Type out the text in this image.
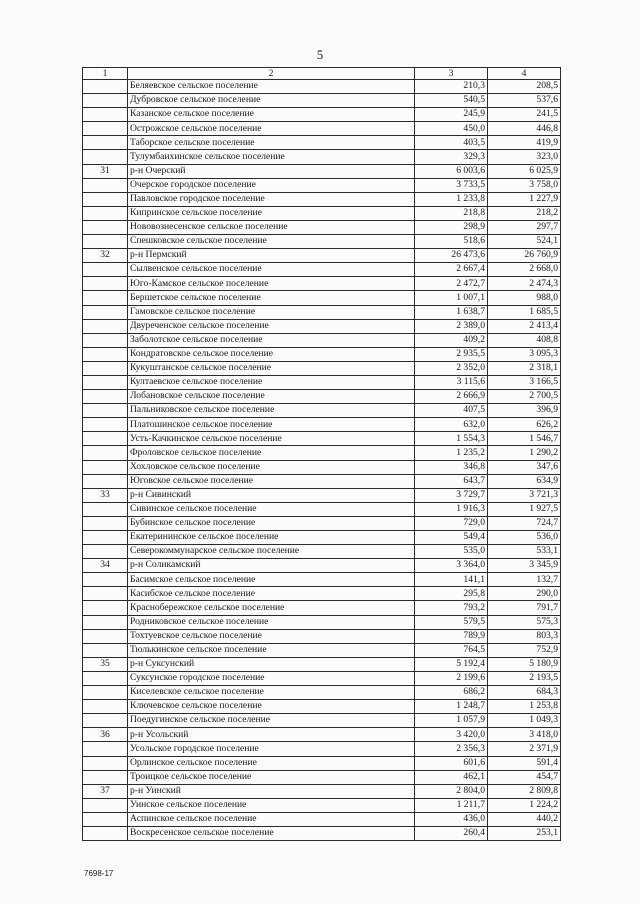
5
1	2	3	4
	Беляевское сельское поселение	210,3	208,5
	Дубровское сельское поселение	540,5	537,6
	Казанское сельское поселение	245,9	241,5
	Острожское сельское поселение	450,0	446,8
	Таборское сельское поселение	403,5	419,9
	Тулумбаихинское сельское поселение	329,3	323,0
31	р-н Очерский	6 003,6	6 025,9
	Очерское городское поселение	3 733,5	3 758,0
	Павловское городское поселение	1 233,8	1 227,9
	Кипринское сельское поселение	218,8	218,2
	Нововознесенское сельское поселение	298,9	297,7
	Спешковское сельское поселение	518,6	524,1
32	р-н Пермский	26 473,6	26 760,9
	Сылвенское сельское поселение	2 667,4	2 668,0
	Юго-Камское сельское поселение	2 472,7	2 474,3
	Бершетское сельское поселение	1 007,1	988,0
	Гамовское сельское поселение	1 638,7	1 685,5
	Двуреченское сельское поселение	2 389,0	2 413,4
	Заболотское сельское поселение	409,2	408,8
	Кондратовское сельское поселение	2 935,5	3 095,3
	Кукуштанское сельское поселение	2 352,0	2 318,1
	Култаевское сельское поселение	3 115,6	3 166,5
	Лобановское сельское поселение	2 666,9	2 700,5
	Пальниковское сельское поселение	407,5	396,9
	Платошинское сельское поселение	632,0	626,2
	Усть-Качкинское сельское поселение	1 554,3	1 546,7
	Фроловское сельское поселение	1 235,2	1 290,2
	Хохловское сельское поселение	346,8	347,6
	Юговское сельское поселение	643,7	634,9
33	р-н Сивинский	3 729,7	3 721,3
	Сивинское сельское поселение	1 916,3	1 927,5
	Бубинское сельское поселение	729,0	724,7
	Екатерининское сельское поселение	549,4	536,0
	Северокоммунарское сельское поселение	535,0	533,1
34	р-н Соликамский	3 364,0	3 345,9
	Басимское сельское поселение	141,1	132,7
	Касибское сельское поселение	295,8	290,0
	Краснобережское сельское поселение	793,2	791,7
	Родниковское сельское поселение	579,5	575,3
	Тохтуевское сельское поселение	789,9	803,3
	Тюлькинское сельское поселение	764,5	752,9
35	р-н Суксунский	5 192,4	5 180,9
	Суксунское городское поселение	2 199,6	2 193,5
	Киселевское сельское поселение	686,2	684,3
	Ключевское сельское поселение	1 248,7	1 253,8
	Поедугинское сельское поселение	1 057,9	1 049,3
36	р-н Усольский	3 420,0	3 418,0
	Усольское городское поселение	2 356,3	2 371,9
	Орлинское сельское поселение	601,6	591,4
	Троицкое сельское поселение	462,1	454,7
37	р-н Уинский	2 804,0	2 809,8
	Уинское сельское поселение	1 211,7	1 224,2
	Аспинское сельское поселение	436,0	440,2
	Воскресенское сельское поселение	260,4	253,1
7698-17
